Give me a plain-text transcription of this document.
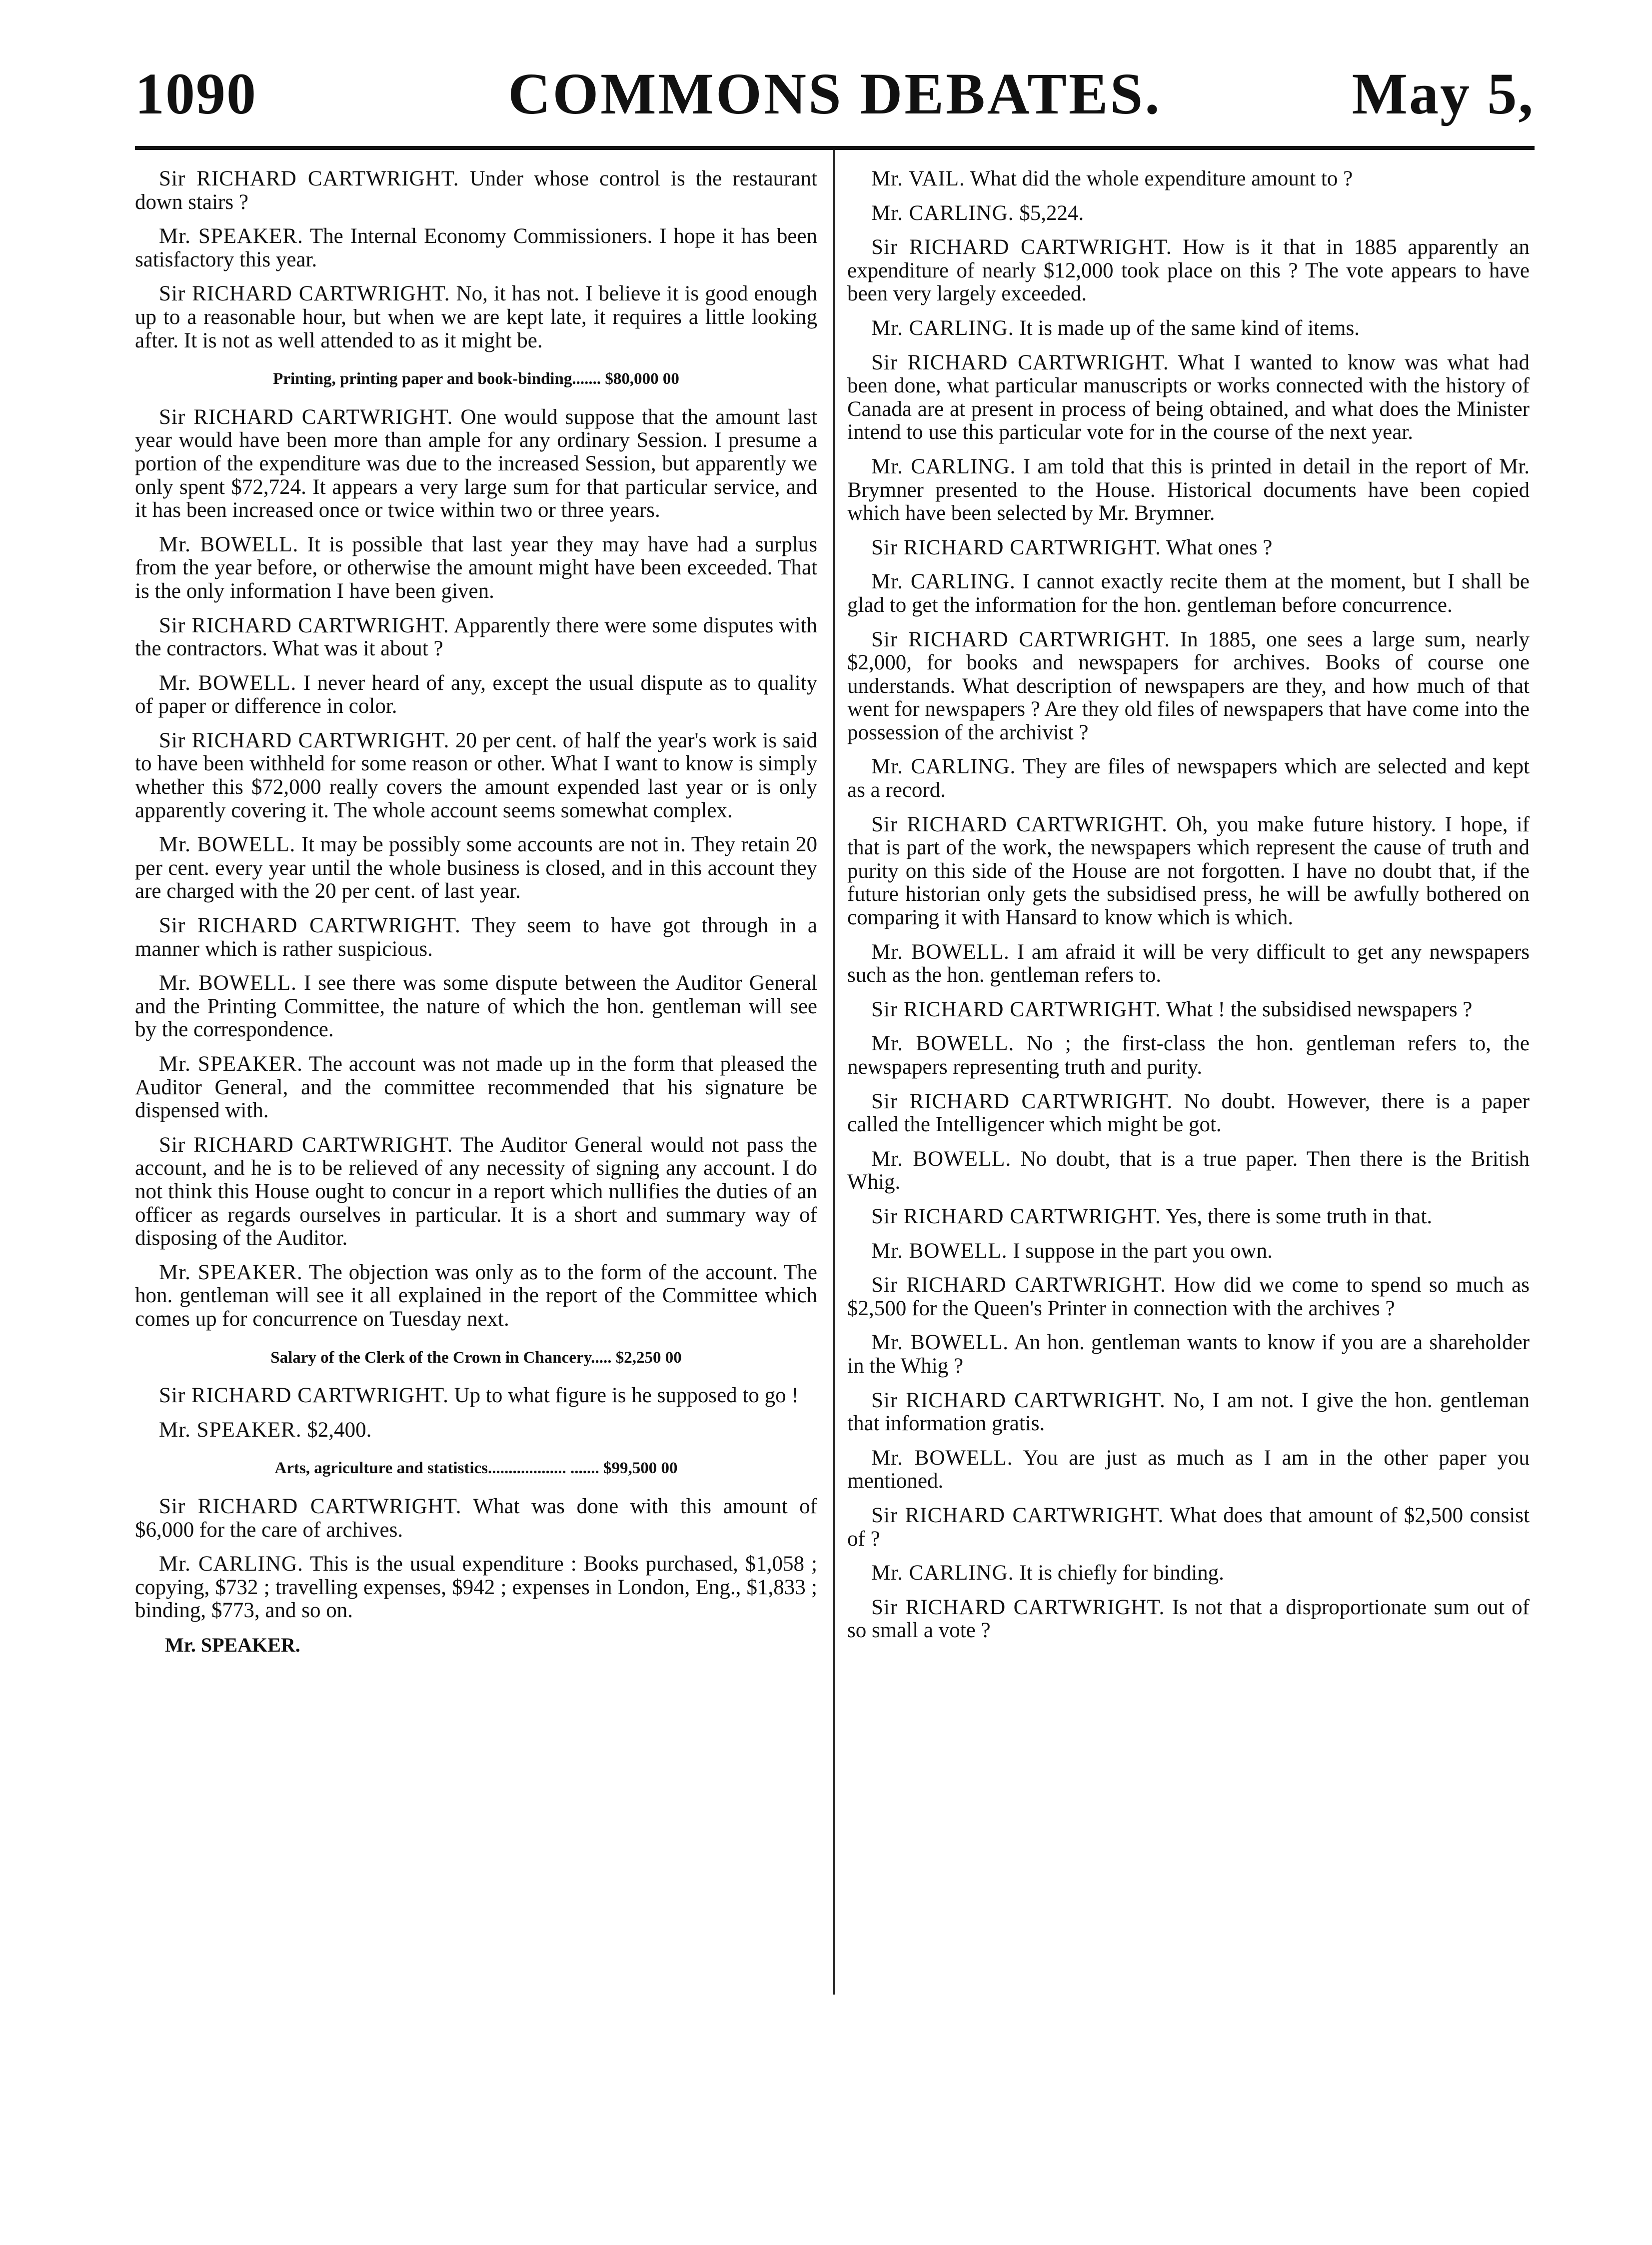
1090	COMMONS DEBATES.	May 5,

Sir RICHARD CARTWRIGHT. Under whose control is the restaurant down stairs ?

Mr. SPEAKER. The Internal Economy Commissioners. I hope it has been satisfactory this year.

Sir RICHARD CARTWRIGHT. No, it has not. I believe it is good enough up to a reasonable hour, but when we are kept late, it requires a little looking after. It is not as well attended to as it might be.

Printing, printing paper and book-binding....... $80,000 00

Sir RICHARD CARTWRIGHT. One would suppose that the amount last year would have been more than ample for any ordinary Session. I presume a portion of the expenditure was due to the increased Session, but apparently we only spent $72,724. It appears a very large sum for that particular service, and it has been increased once or twice within two or three years.

Mr. BOWELL. It is possible that last year they may have had a surplus from the year before, or otherwise the amount might have been exceeded. That is the only information I have been given.

Sir RICHARD CARTWRIGHT. Apparently there were some disputes with the contractors. What was it about ?

Mr. BOWELL. I never heard of any, except the usual dispute as to quality of paper or difference in color.

Sir RICHARD CARTWRIGHT. 20 per cent. of half the year's work is said to have been withheld for some reason or other. What I want to know is simply whether this $72,000 really covers the amount expended last year or is only apparently covering it. The whole account seems somewhat complex.

Mr. BOWELL. It may be possibly some accounts are not in. They retain 20 per cent. every year until the whole business is closed, and in this account they are charged with the 20 per cent. of last year.

Sir RICHARD CARTWRIGHT. They seem to have got through in a manner which is rather suspicious.

Mr. BOWELL. I see there was some dispute between the Auditor General and the Printing Committee, the nature of which the hon. gentleman will see by the correspondence.

Mr. SPEAKER. The account was not made up in the form that pleased the Auditor General, and the committee recommended that his signature be dispensed with.

Sir RICHARD CARTWRIGHT. The Auditor General would not pass the account, and he is to be relieved of any necessity of signing any account. I do not think this House ought to concur in a report which nullifies the duties of an officer as regards ourselves in particular. It is a short and summary way of disposing of the Auditor.

Mr. SPEAKER. The objection was only as to the form of the account. The hon. gentleman will see it all explained in the report of the Committee which comes up for concurrence on Tuesday next.

Salary of the Clerk of the Crown in Chancery..... $2,250 00

Sir RICHARD CARTWRIGHT. Up to what figure is he supposed to go !

Mr. SPEAKER. $2,400.

Arts, agriculture and statistics................... ....... $99,500 00

Sir RICHARD CARTWRIGHT. What was done with this amount of $6,000 for the care of archives.

Mr. CARLING. This is the usual expenditure : Books purchased, $1,058 ; copying, $732 ; travelling expenses, $942 ; expenses in London, Eng., $1,833 ; binding, $773, and so on.

Mr. SPEAKER.

Mr. VAIL. What did the whole expenditure amount to ?

Mr. CARLING. $5,224.

Sir RICHARD CARTWRIGHT. How is it that in 1885 apparently an expenditure of nearly $12,000 took place on this ? The vote appears to have been very largely exceeded.

Mr. CARLING. It is made up of the same kind of items.

Sir RICHARD CARTWRIGHT. What I wanted to know was what had been done, what particular manuscripts or works connected with the history of Canada are at present in process of being obtained, and what does the Minister intend to use this particular vote for in the course of the next year.

Mr. CARLING. I am told that this is printed in detail in the report of Mr. Brymner presented to the House. Historical documents have been copied which have been selected by Mr. Brymner.

Sir RICHARD CARTWRIGHT. What ones ?

Mr. CARLING. I cannot exactly recite them at the moment, but I shall be glad to get the information for the hon. gentleman before concurrence.

Sir RICHARD CARTWRIGHT. In 1885, one sees a large sum, nearly $2,000, for books and newspapers for archives. Books of course one understands. What description of newspapers are they, and how much of that went for newspapers ? Are they old files of newspapers that have come into the possession of the archivist ?

Mr. CARLING. They are files of newspapers which are selected and kept as a record.

Sir RICHARD CARTWRIGHT. Oh, you make future history. I hope, if that is part of the work, the newspapers which represent the cause of truth and purity on this side of the House are not forgotten. I have no doubt that, if the future historian only gets the subsidised press, he will be awfully bothered on comparing it with Hansard to know which is which.

Mr. BOWELL. I am afraid it will be very difficult to get any newspapers such as the hon. gentleman refers to.

Sir RICHARD CARTWRIGHT. What ! the subsidised newspapers ?

Mr. BOWELL. No ; the first-class the hon. gentleman refers to, the newspapers representing truth and purity.

Sir RICHARD CARTWRIGHT. No doubt. However, there is a paper called the Intelligencer which might be got.

Mr. BOWELL. No doubt, that is a true paper. Then there is the British Whig.

Sir RICHARD CARTWRIGHT. Yes, there is some truth in that.

Mr. BOWELL. I suppose in the part you own.

Sir RICHARD CARTWRIGHT. How did we come to spend so much as $2,500 for the Queen's Printer in connection with the archives ?

Mr. BOWELL. An hon. gentleman wants to know if you are a shareholder in the Whig ?

Sir RICHARD CARTWRIGHT. No, I am not. I give the hon. gentleman that information gratis.

Mr. BOWELL. You are just as much as I am in the other paper you mentioned.

Sir RICHARD CARTWRIGHT. What does that amount of $2,500 consist of ?

Mr. CARLING. It is chiefly for binding.

Sir RICHARD CARTWRIGHT. Is not that a disproportionate sum out of so small a vote ?
